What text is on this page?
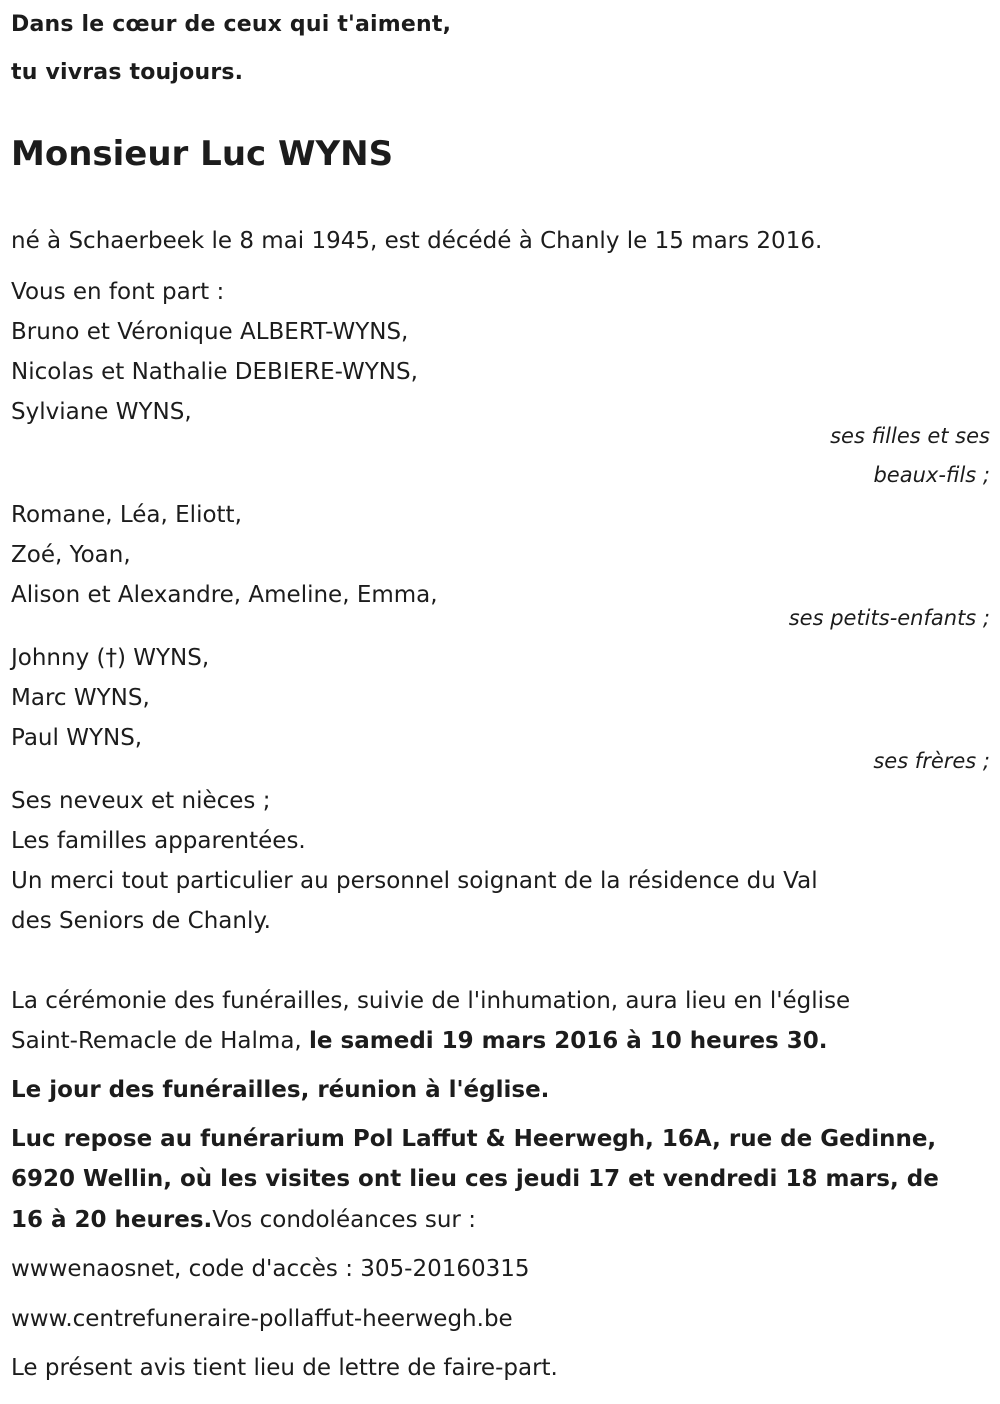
Dans le cœur de ceux qui t'aiment,
tu vivras toujours.
Monsieur Luc WYNS
né à Schaerbeek le 8 mai 1945, est décédé à Chanly le 15 mars 2016.
Vous en font part :
Bruno et Véronique ALBERT-WYNS,
Nicolas et Nathalie DEBIERE-WYNS,
Sylviane WYNS,
ses filles et ses
beaux-fils ;
Romane, Léa, Eliott,
Zoé, Yoan,
Alison et Alexandre, Ameline, Emma,
ses petits-enfants ;
Johnny (†) WYNS,
Marc WYNS,
Paul WYNS,
ses frères ;
Ses neveux et nièces ;
Les familles apparentées.
Un merci tout particulier au personnel soignant de la résidence du Val
des Seniors de Chanly.
La cérémonie des funérailles, suivie de l'inhumation, aura lieu en l'église
Saint-Remacle de Halma, le samedi 19 mars 2016 à 10 heures 30.
Le jour des funérailles, réunion à l'église.
Luc repose au funérarium Pol Laffut & Heerwegh, 16A, rue de Gedinne,
6920 Wellin, où les visites ont lieu ces jeudi 17 et vendredi 18 mars, de
16 à 20 heures.Vos condoléances sur :
wwwenaosnet, code d'accès : 305-20160315
www.centrefuneraire-pollaffut-heerwegh.be
Le présent avis tient lieu de lettre de faire-part.
